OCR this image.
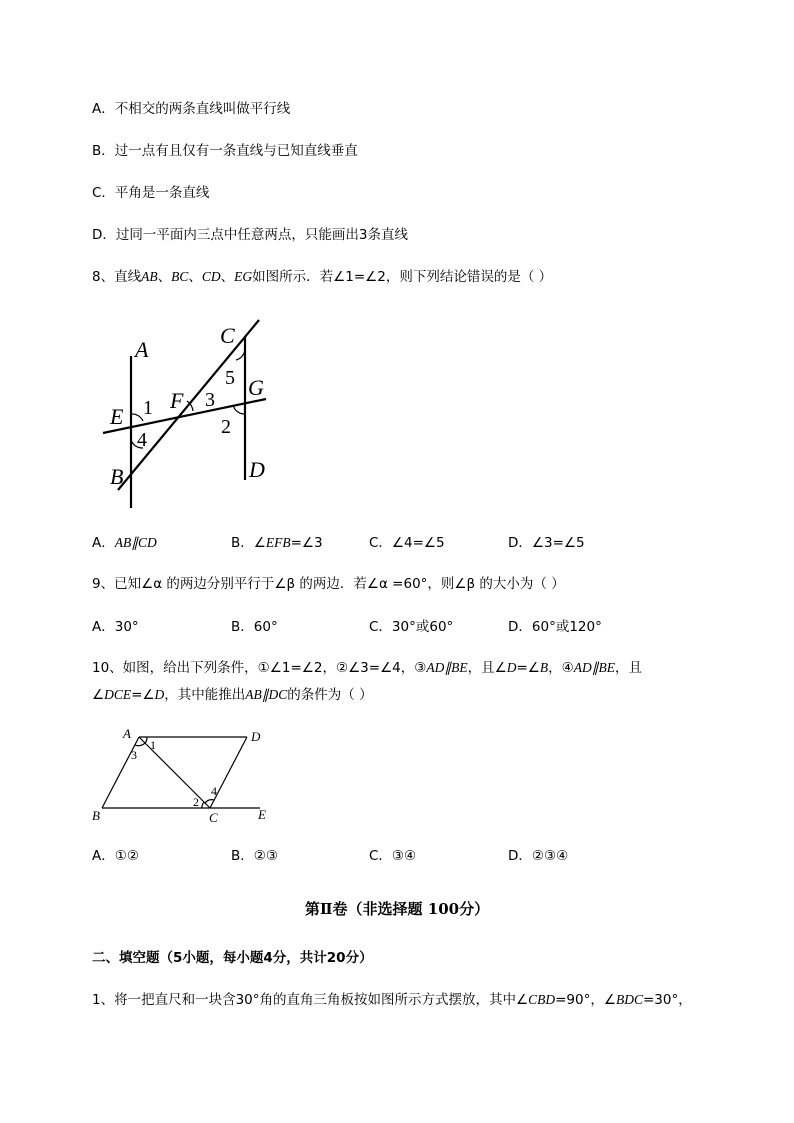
A．不相交的两条直线叫做平行线
B．过一点有且仅有一条直线与已知直线垂直
C．平角是一条直线
D．过同一平面内三点中任意两点，只能画出3条直线
8、直线AB、BC、CD、EG如图所示．若∠1=∠2，则下列结论错误的是（ ）
A
C
G
E
F
B	D
1
4
3
2
5
A．AB∥CD	B．∠EFB=∠3	C．∠4=∠5	D．∠3=∠5
9、已知∠α 的两边分别平行于∠β 的两边．若∠α =60°，则∠β 的大小为（ ）
A．30°	B．60°	C．30°或60°	D．60°或120°
10、如图，给出下列条件，①∠1=∠2，②∠3=∠4，③AD∥BE，且∠D=∠B，④AD∥BE，且
∠DCE=∠D，其中能推出AB∥DC的条件为（ ）
A	D
B	C	E
1
3
2
4
A．①②	B．②③	C．③④	D．②③④
第Ⅱ卷（非选择题 100分）
二、填空题（5小题，每小题4分，共计20分）
1、将一把直尺和一块含30°角的直角三角板按如图所示方式摆放，其中∠CBD=90°，∠BDC=30°，
